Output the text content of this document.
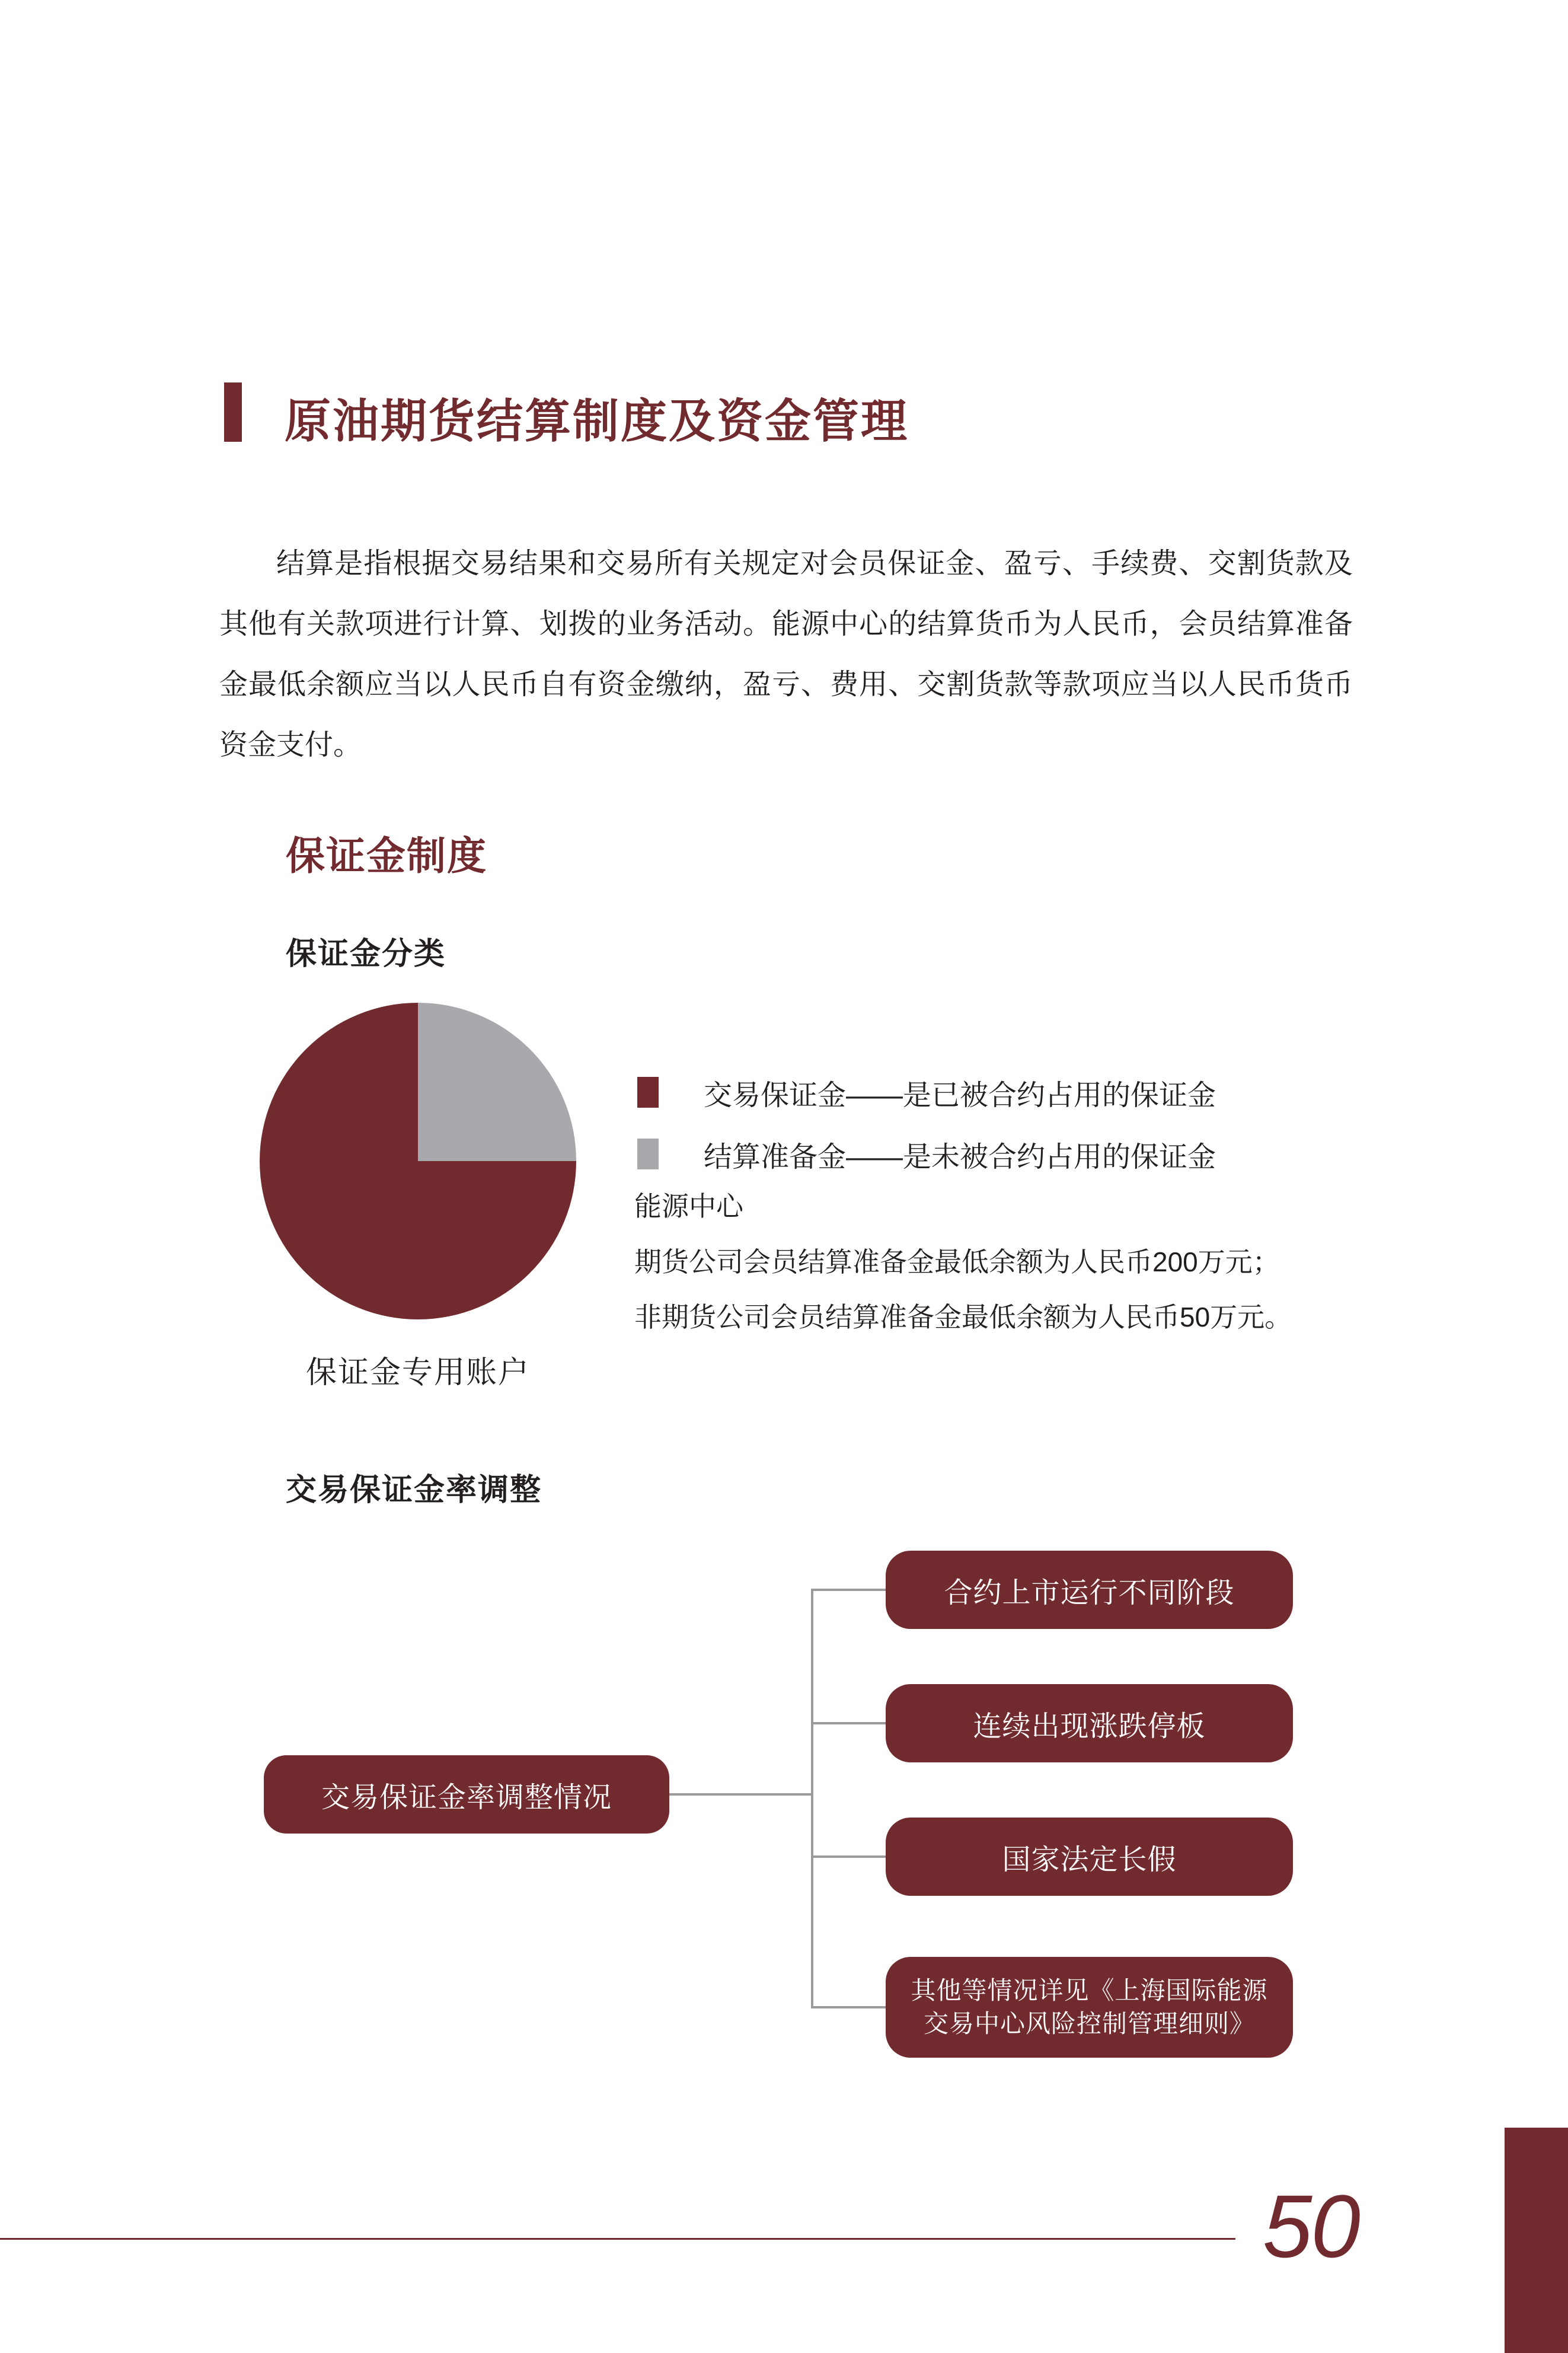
原油期货结算制度及资金管理

结算是指根据交易结果和交易所有关规定对会员保证金、盈亏、手续费、交割货款及其他有关款项进行计算、划拨的业务活动。能源中心的结算货币为人民币，会员结算准备金最低余额应当以人民币自有资金缴纳，盈亏、费用、交割货款等款项应当以人民币货币资金支付。

保证金制度
保证金分类
保证金专用账户
交易保证金——是已被合约占用的保证金
结算准备金——是未被合约占用的保证金
能源中心
期货公司会员结算准备金最低余额为人民币200万元；
非期货公司会员结算准备金最低余额为人民币50万元。
交易保证金率调整
交易保证金率调整情况
合约上市运行不同阶段
连续出现涨跌停板
国家法定长假
其他等情况详见《上海国际能源交易中心风险控制管理细则》
50
